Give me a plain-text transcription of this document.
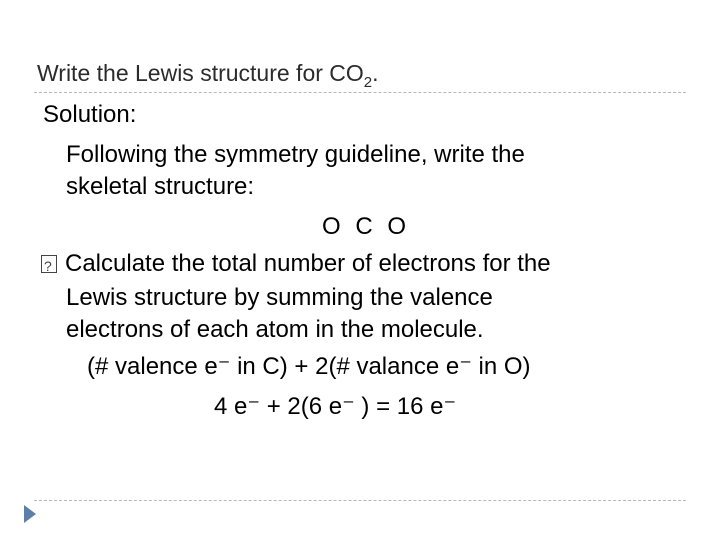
Write the Lewis structure for $CO_2$.
Solution:
Following the symmetry guideline, write the
skeletal structure:
O C O
?Calculate the total number of electrons for the
Lewis structure by summing the valence
electrons of each atom in the molecule.
(# valence e⁻ in C) + 2(# valance e⁻ in O)
4 e⁻ + 2(6 e⁻ ) = 16 e⁻
